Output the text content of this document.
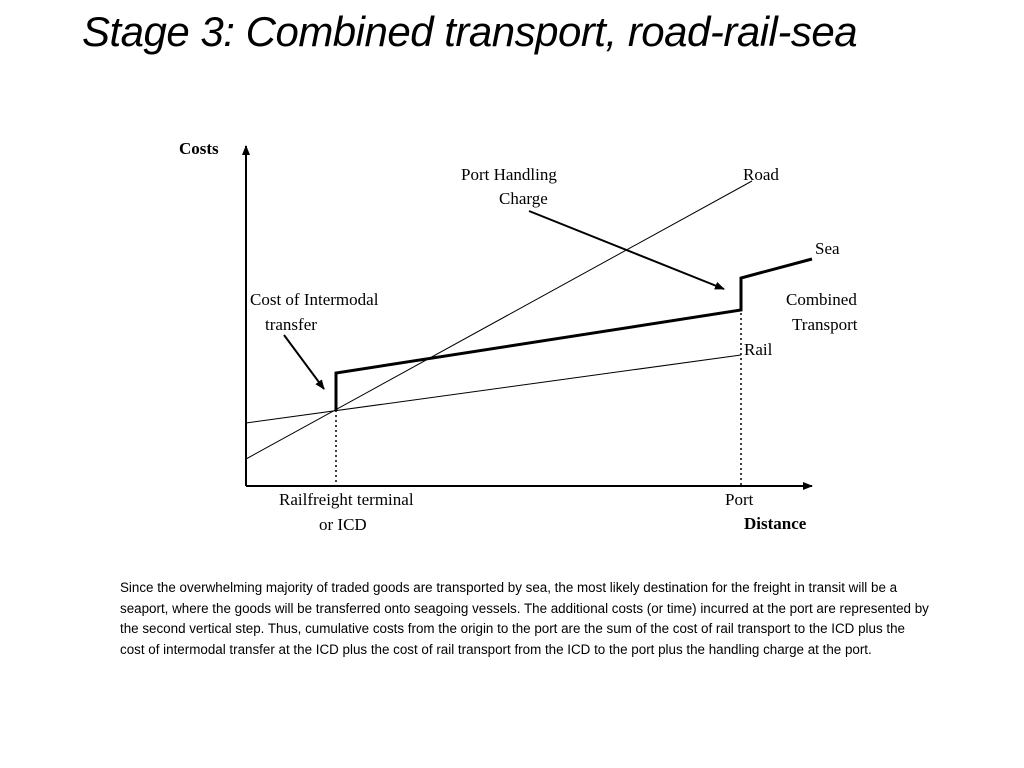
Stage 3: Combined transport, road-rail-sea
Costs
Distance
Port Handling
Charge
Road
Sea
Cost of Intermodal
transfer
Combined
Transport
Rail
Railfreight terminal
or ICD
Port

Since the overwhelming majority of traded goods are transported by sea, the most likely destination for the freight in transit will be a seaport, where the goods will be transferred onto seagoing vessels. The additional costs (or time) incurred at the port are represented by the second vertical step. Thus, cumulative costs from the origin to the port are the sum of the cost of rail transport to the ICD plus the cost of intermodal transfer at the ICD plus the cost of rail transport from the ICD to the port plus the handling charge at the port.
